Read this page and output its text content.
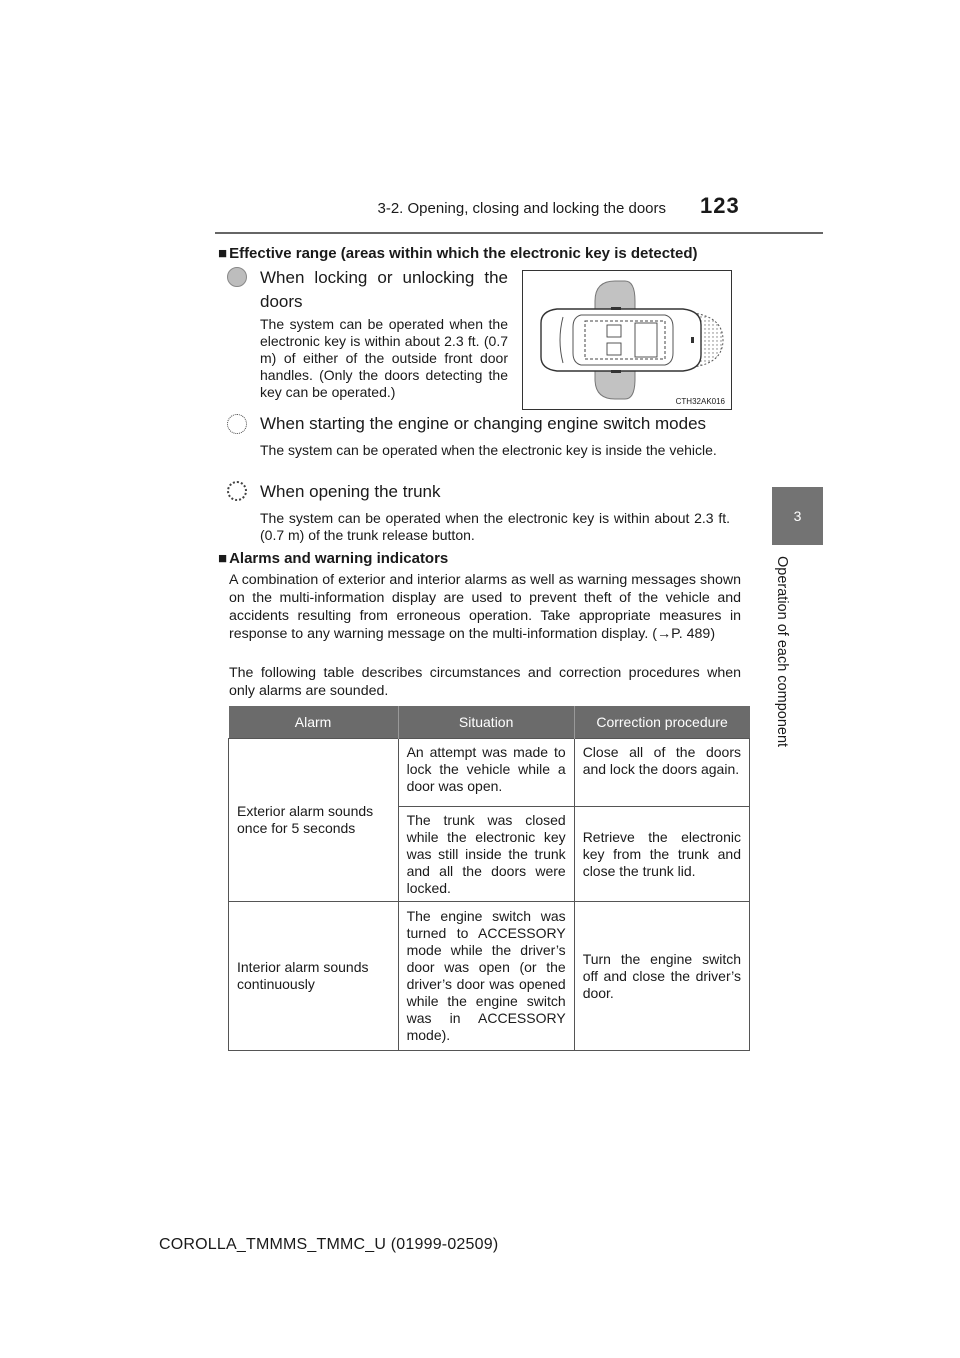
3-2. Opening, closing and locking the doors 123
3
Operation of each component
■ Effective range (areas within which the electronic key is detected)
When locking or unlocking the doors
The system can be operated when the electronic key is within about 2.3 ft. (0.7 m) of either of the outside front door handles. (Only the doors detecting the key can be operated.)
CTH32AK016
When starting the engine or changing engine switch modes
The system can be operated when the electronic key is inside the vehicle.
When opening the trunk
The system can be operated when the electronic key is within about 2.3 ft. (0.7 m) of the trunk release button.
■ Alarms and warning indicators
A combination of exterior and interior alarms as well as warning messages shown on the multi-information display are used to prevent theft of the vehicle and accidents resulting from erroneous operation. Take appropriate measures in response to any warning message on the multi-information display. (→P. 489)
The following table describes circumstances and correction procedures when only alarms are sounded.
Alarm	Situation	Correction procedure
Exterior alarm sounds once for 5 seconds	An attempt was made to lock the vehicle while a door was open.	Close all of the doors and lock the doors again.
	The trunk was closed while the electronic key was still inside the trunk and all the doors were locked.	Retrieve the electronic key from the trunk and close the trunk lid.
Interior alarm sounds continuously	The engine switch was turned to ACCESSORY mode while the driver’s door was open (or the driver’s door was opened while the engine switch was in ACCESSORY mode).	Turn the engine switch off and close the driver’s door.
COROLLA_TMMMS_TMMC_U (01999-02509)
